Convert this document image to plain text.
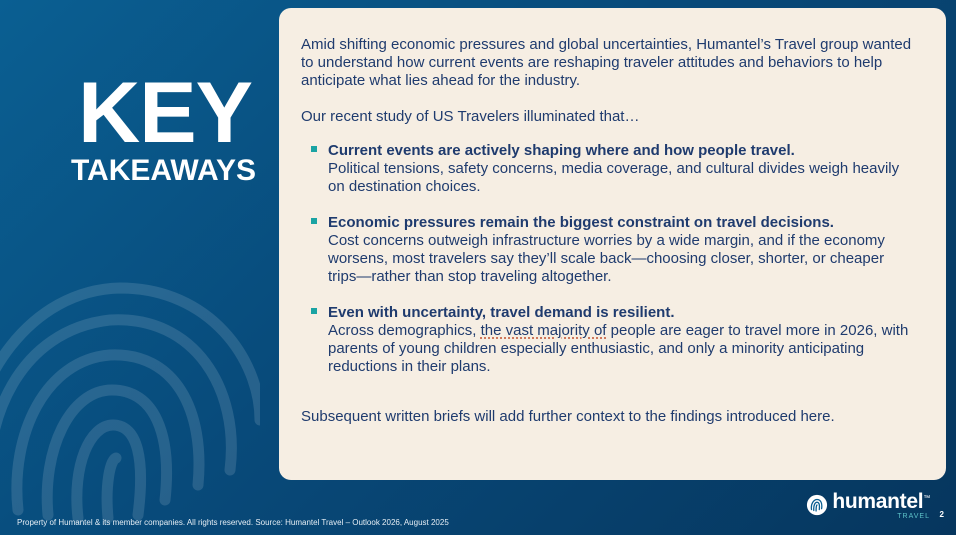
KEY
TAKEAWAYS

Amid shifting economic pressures and global uncertainties, Humantel’s Travel group wanted to understand how current events are reshaping traveler attitudes and behaviors to help anticipate what lies ahead for the industry.

Our recent study of US Travelers illuminated that…

Current events are actively shaping where and how people travel.
Political tensions, safety concerns, media coverage, and cultural divides weigh heavily on destination choices.
Economic pressures remain the biggest constraint on travel decisions.
Cost concerns outweigh infrastructure worries by a wide margin, and if the economy worsens, most travelers say they’ll scale back—choosing closer, shorter, or cheaper trips—rather than stop traveling altogether.
Even with uncertainty, travel demand is resilient.
Across demographics, the vast majority of people are eager to travel more in 2026, with parents of young children especially enthusiastic, and only a minority anticipating reductions in their plans.

Subsequent written briefs will add further context to the findings introduced here.

Property of Humantel & its member companies. All rights reserved. Source: Humantel Travel – Outlook 2026, August 2025
humantel™
TRAVEL 2
